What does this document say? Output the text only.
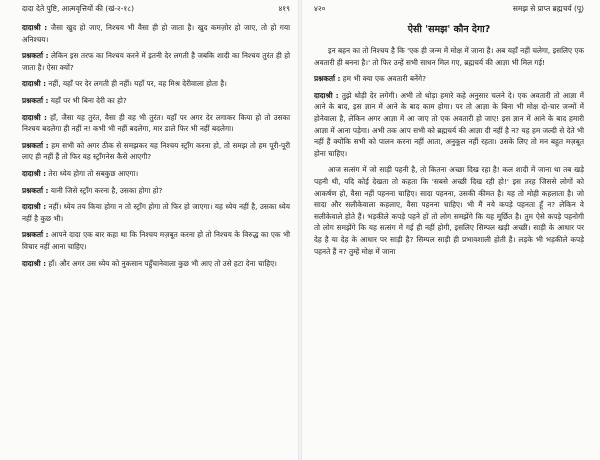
दादा देते पुष्टि, आत्मवृत्तियों की (खं-२-१८)	४१९

दादाश्री : जैसा खुद हो जाए, निश्चय भी वैसा ही हो जाता है। खुद कमज़ोर हो जाए, तो हो गया अनिश्चय।

प्रश्नकर्ता : लेकिन इस तरफ का निश्चय करने में इतनी देर लगती है जबकि शादी का निश्चय तुरंत ही हो जाता है। ऐसा क्यों?

दादाश्री : नहीं, यहाँ पर देर लगती ही नहीं। यहाँ पर, वह मिश्र देरीवाला होता है।

प्रश्नकर्ता : यहाँ पर भी बिना देरी का हो?

दादाश्री : हाँ, जैसा यह तुरंत, वैसा ही वह भी तुरंत। यहाँ पर अगर देर लगाकर किया हो तो उसका निश्चय बदलेगा ही नहीं न! कभी भी नहीं बदलेगा, मार डाले फिर भी नहीं बदलेगा।

प्रश्नकर्ता : हम सभी को अगर ठीक से समझकर यह निश्चय स्ट्रॉंग करना हो, तो समझ तो हम पूरी-पूरी लाए ही नहीं हैं तो फिर वह स्ट्रॉंगनेस कैसे आएगी?

दादाश्री : तेरा ध्येय होगा तो सबकुछ आएगा।

प्रश्नकर्ता : यानी जिसे स्ट्रॉंग करना है, उसका होगा हो?

दादाश्री : नहीं। ध्येय तय किया होगा न तो स्ट्रॉंग होगा तो फिर हो जाएगा। यह ध्येय नहीं है, उसका ध्येय नहीं है कुछ भी।

प्रश्नकर्ता : आपने दादा एक बार कहा था कि निश्चय मज़बूत करना हो तो निश्चय के विरुद्ध का एक भी विचार नहीं आना चाहिए।

दादाश्री : हाँ। और अगर उस ध्येय को नुकसान पहुँचानेवाला कुछ भी आए तो उसे हटा देना चाहिए।

४२०	समझ से प्राप्त ब्रह्मचर्य (पू)
ऐसी 'समझ' कौन देगा?

इन बहन का तो निश्चय है कि 'एक ही जन्म में मोक्ष में जाना है। अब यहाँ नहीं चलेगा, इसलिए एक अवतारी ही बनना है।' तो फिर उन्हें सभी साधन मिल गए, ब्रह्मचर्य की आज्ञा भी मिल गई!

प्रश्नकर्ता : हम भी क्या एक अवतारी बनेंगे?

दादाश्री : तुझे थोड़ी देर लगेगी। अभी तो थोड़ा हमारे कहे अनुसार चलने दे। एक अवतारी तो आज्ञा में आने के बाद, इस ज्ञान में आने के बाद काम होगा। पर तो आज्ञा के बिना भी मोक्ष दो-चार जन्मों में होनेवाला है, लेकिन अगर आज्ञा में आ जाए तो एक अवतारी हो जाए! इस ज्ञान में आने के बाद हमारी आज्ञा में आना पड़ेगा। अभी तक आप सभी को ब्रह्मचर्य की आज्ञा दी नहीं है न? यह हम जल्दी से देते भी नहीं हैं क्योंकि सभी को पालन करना नहीं आता, अनुकूल नहीं रहता। उसके लिए तो मन बहुत मज़बूत होना चाहिए।

आज सत्संग में जो साड़ी पहनी है, तो कितना अच्छा दिख रहा है! कल शादी में जाना था तब खड़े पहनी थी, यदि कोई देखता तो कहता कि 'सबसे अच्छी दिख रही हो!' इस तरह जिससे लोगों को आकर्षण हो, वैसा नहीं पहनना चाहिए। सादा पहनना, उसकी कीमत है। यह तो मोही कहलाता है। जो सादा और सलीकेवाला कहलाए, वैसा पहनना चाहिए। भी मैं नये कपड़े पहनता हूँ न? लेकिन वे सलीकेवाले होते हैं। भड़कीले कपड़े पहने हों तो लोग समझेंगे कि यह मूर्छित है। तुम ऐसे कपड़े पहनोगी तो लोग समझेंगे कि यह सत्संग में गई ही नहीं होगी, इसलिए सिम्पल खड़ी अच्छी। साड़ी के आधार पर देह है या देह के आधार पर साड़ी है? सिम्पल साड़ी ही प्रभावशाली होती है। लड़के भी भड़कीले कपड़े पहनते हैं न? तुम्हें मोक्ष में जाना
